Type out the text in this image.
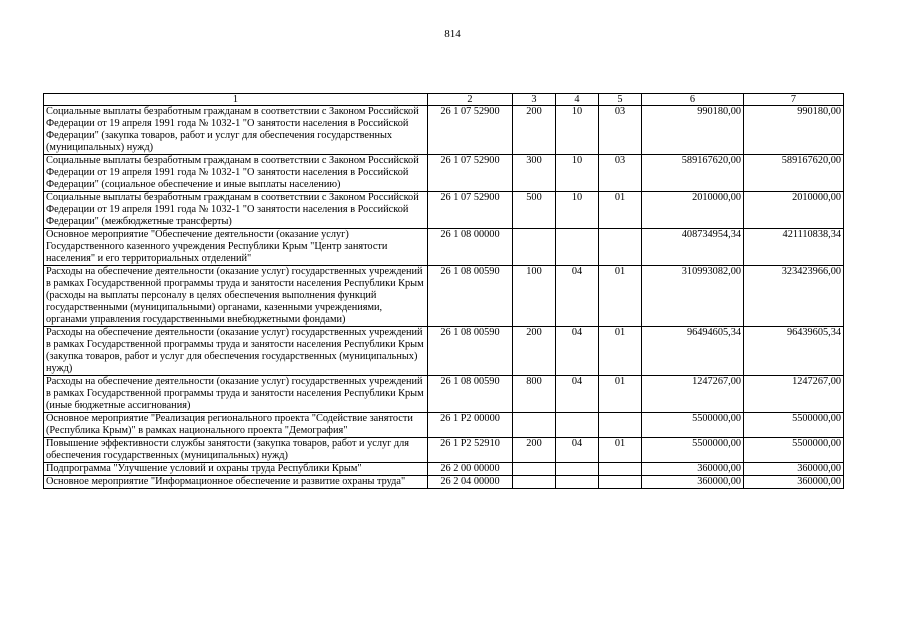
814
1	2	3	4	5	6	7
Социальные выплаты безработным гражданам в соответствии с Законом Российской Федерации от 19 апреля 1991 года № 1032-1 "О занятости населения в Российской Федерации" (закупка товаров, работ и услуг для обеспечения государственных (муниципальных) нужд)	26 1 07 52900	200	10	03	990180,00	990180,00
Социальные выплаты безработным гражданам в соответствии с Законом Российской Федерации от 19 апреля 1991 года № 1032-1 "О занятости населения в Российской Федерации" (социальное обеспечение и иные выплаты населению)	26 1 07 52900	300	10	03	589167620,00	589167620,00
Социальные выплаты безработным гражданам в соответствии с Законом Российской Федерации от 19 апреля 1991 года № 1032-1 "О занятости населения в Российской Федерации" (межбюджетные трансферты)	26 1 07 52900	500	10	01	2010000,00	2010000,00
Основное мероприятие "Обеспечение деятельности (оказание услуг) Государственного казенного учреждения Республики Крым "Центр занятости населения" и его территориальных отделений"	26 1 08 00000				408734954,34	421110838,34
Расходы на обеспечение деятельности (оказание услуг) государственных учреждений в рамках Государственной программы труда и занятости населения Республики Крым (расходы на выплаты персоналу в целях обеспечения выполнения функций государственными (муниципальными) органами, казенными учреждениями, органами управления государственными внебюджетными фондами)	26 1 08 00590	100	04	01	310993082,00	323423966,00
Расходы на обеспечение деятельности (оказание услуг) государственных учреждений в рамках Государственной программы труда и занятости населения Республики Крым (закупка товаров, работ и услуг для обеспечения государственных (муниципальных) нужд)	26 1 08 00590	200	04	01	96494605,34	96439605,34
Расходы на обеспечение деятельности (оказание услуг) государственных учреждений в рамках Государственной программы труда и занятости населения Республики Крым (иные бюджетные ассигнования)	26 1 08 00590	800	04	01	1247267,00	1247267,00
Основное мероприятие "Реализация регионального проекта "Содействие занятости (Республика Крым)" в рамках национального проекта "Демография"	26 1 Р2 00000				5500000,00	5500000,00
Повышение эффективности службы занятости (закупка товаров, работ и услуг для обеспечения государственных (муниципальных) нужд)	26 1 Р2 52910	200	04	01	5500000,00	5500000,00
Подпрограмма "Улучшение условий и охраны труда Республики Крым"	26 2 00 00000				360000,00	360000,00
Основное мероприятие "Информационное обеспечение и развитие охраны труда"	26 2 04 00000				360000,00	360000,00
